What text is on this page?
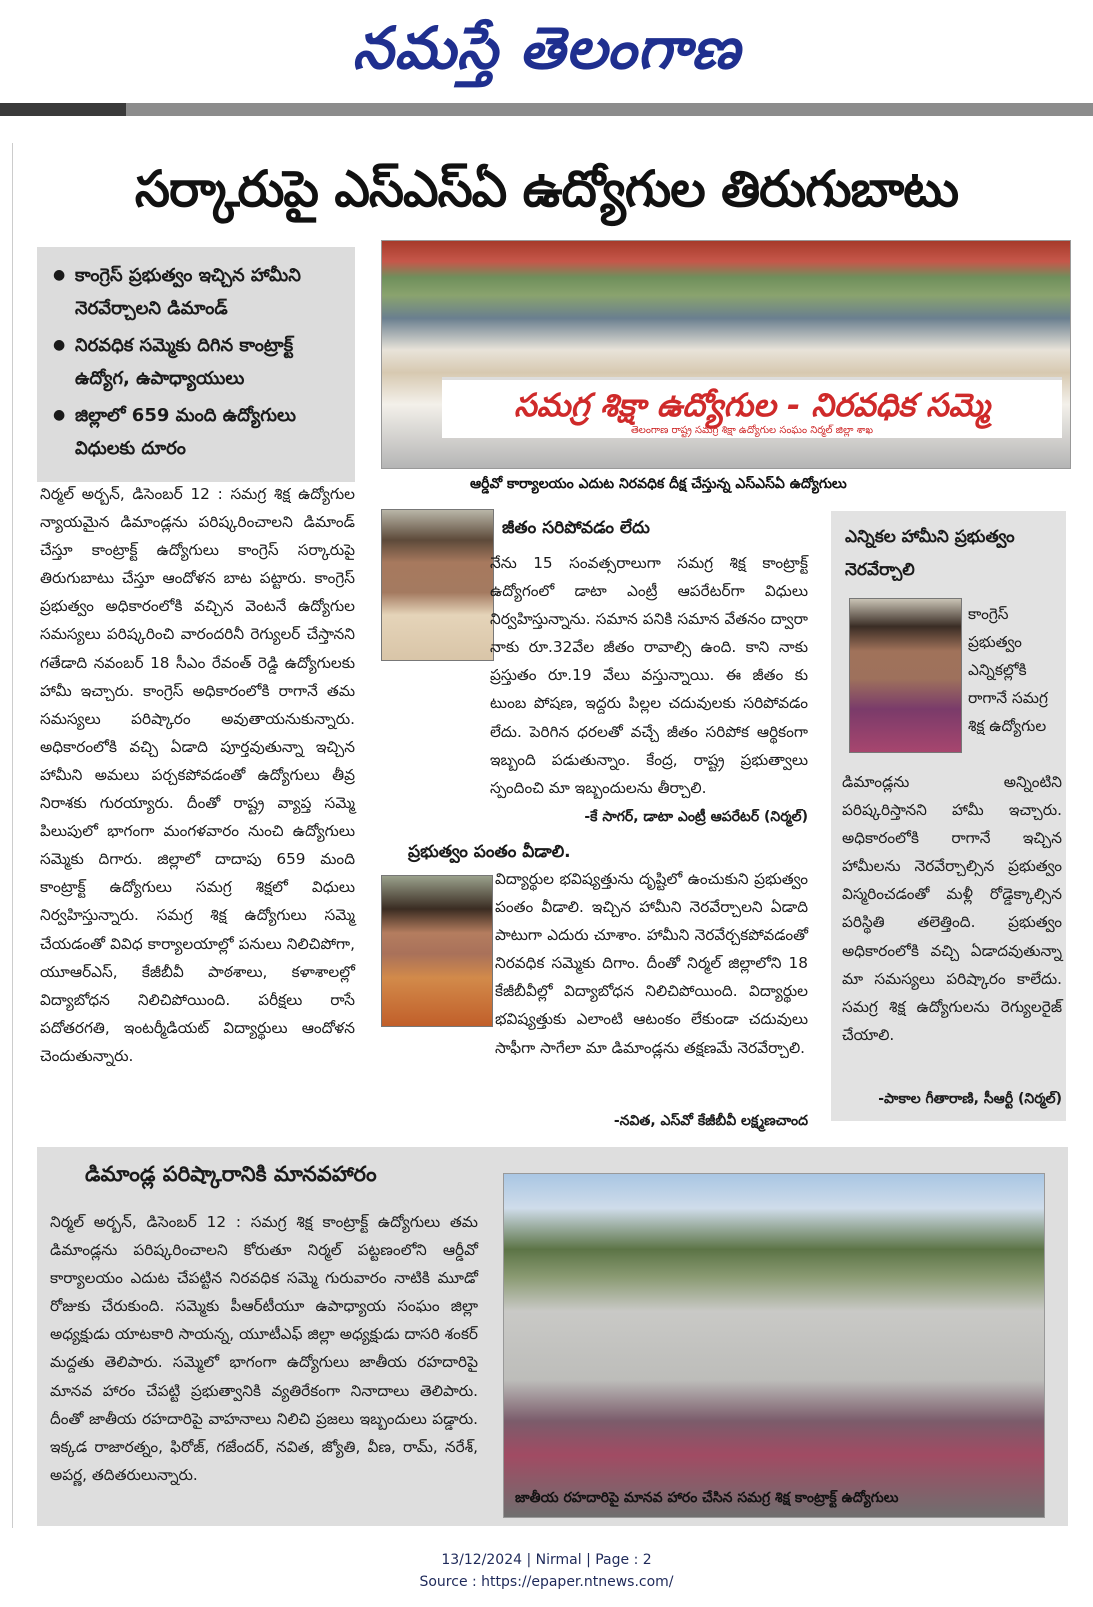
నమస్తే తెలంగాణ
సర్కారుపై ఎస్‌ఎస్‌ఏ ఉద్యోగుల తిరుగుబాటు
● కాంగ్రెస్ ప్రభుత్వం ఇచ్చిన హామీని నెరవేర్చాలని డిమాండ్
● నిరవధిక సమ్మెకు దిగిన కాంట్రాక్ట్ ఉద్యోగ, ఉపాధ్యాయులు
● జిల్లాలో 659 మంది ఉద్యోగులు విధులకు దూరం
సమగ్ర శిక్షా ఉద్యోగుల - నిరవధిక సమ్మె
తెలంగాణ రాష్ట్ర సమగ్ర శిక్షా ఉద్యోగుల సంఘం నిర్మల్ జిల్లా శాఖ
ఆర్డీవో కార్యాలయం ఎదుట నిరవధిక దీక్ష చేస్తున్న ఎస్‌ఎస్‌ఏ ఉద్యోగులు
నిర్మల్ అర్బన్, డిసెంబర్ 12 : సమగ్ర శిక్ష ఉద్యోగుల న్యాయమైన డిమాండ్లను పరిష్కరించాలని డిమాండ్ చేస్తూ కాంట్రాక్ట్ ఉద్యోగులు కాంగ్రెస్ సర్కారుపై తిరుగుబాటు చేస్తూ ఆందోళన బాట పట్టారు. కాంగ్రెస్ ప్రభుత్వం అధికారంలోకి వచ్చిన వెంటనే ఉద్యోగుల సమస్యలు పరిష్కరించి వారందరినీ రెగ్యులర్ చేస్తానని గతేడాది నవంబర్ 18 సీఎం రేవంత్ రెడ్డి ఉద్యోగులకు హామీ ఇచ్చారు. కాంగ్రెస్ అధికారంలోకి రాగానే తమ సమస్యలు పరిష్కారం అవుతాయనుకున్నారు. అధికారంలోకి వచ్చి ఏడాది పూర్తవుతున్నా ఇచ్చిన హామీని అమలు పర్చకపోవడంతో ఉద్యోగులు తీవ్ర నిరాశకు గురయ్యారు. దీంతో రాష్ట్ర వ్యాప్త సమ్మె పిలుపులో భాగంగా మంగళవారం నుంచి ఉద్యోగులు సమ్మెకు దిగారు. జిల్లాలో దాదాపు 659 మంది కాంట్రాక్ట్ ఉద్యోగులు సమగ్ర శిక్షలో విధులు నిర్వహిస్తున్నారు. సమగ్ర శిక్ష ఉద్యోగులు సమ్మె చేయడంతో వివిధ కార్యాలయాల్లో పనులు నిలిచిపోగా, యూఆర్‌ఎస్, కేజీబీవీ పాఠశాలు, కళాశాలల్లో విద్యాబోధన నిలిచిపోయింది. పరీక్షలు రాసే పదోతరగతి, ఇంటర్మీడియట్ విద్యార్థులు ఆందోళన చెందుతున్నారు.
జీతం సరిపోవడం లేదు
నేను 15 సంవత్సరాలుగా సమగ్ర శిక్ష కాంట్రాక్ట్ ఉద్యోగంలో డాటా ఎంట్రీ ఆపరేటర్‌గా విధులు నిర్వహిస్తున్నాను. సమాన పనికి సమాన వేతనం ద్వారా నాకు రూ.32వేల జీతం రావాల్సి ఉంది. కాని నాకు ప్రస్తుతం రూ.19 వేలు వస్తున్నాయి. ఈ జీతం కు టుంబ పోషణ, ఇద్దరు పిల్లల చదువులకు సరిపోవడం లేదు. పెరిగిన ధరలతో వచ్చే జీతం సరిపోక ఆర్థికంగా ఇబ్బంది పడుతున్నాం. కేంద్ర, రాష్ట్ర ప్రభుత్వాలు స్పందించి మా ఇబ్బందులను తీర్చాలి.
-కే సాగర్, డాటా ఎంట్రీ ఆపరేటర్ (నిర్మల్)
ప్రభుత్వం పంతం వీడాలి.
విద్యార్థుల భవిష్యత్తును దృష్టిలో ఉంచుకుని ప్రభుత్వం పంతం వీడాలి. ఇచ్చిన హామీని నెరవేర్చాలని ఏడాది పాటుగా ఎదురు చూశాం. హామీని నెరవేర్చకపోవడంతో నిరవధిక సమ్మెకు దిగాం. దీంతో నిర్మల్ జిల్లాలోని 18 కేజీబీవీల్లో విద్యాబోధన నిలిచిపోయింది. విద్యార్థుల భవిష్యత్తుకు ఎలాంటి ఆటంకం లేకుండా చదువులు సాఫీగా సాగేలా మా డిమాండ్లను తక్షణమే నెరవేర్చాలి.
-నవిత, ఎస్‌వో కేజీబీవీ లక్ష్మణచాంద
ఎన్నికల హామీని ప్రభుత్వం నెరవేర్చాలి
కాంగ్రెస్ ప్రభుత్వం ఎన్నికల్లోకి రాగానే సమగ్ర శిక్ష ఉద్యోగుల
డిమాండ్లను అన్నింటిని పరిష్కరిస్తానని హామీ ఇచ్చారు. అధికారంలోకి రాగానే ఇచ్చిన హామీలను నెరవేర్చాల్సిన ప్రభుత్వం విస్మరించడంతో మళ్లీ రోడ్డెక్కాల్సిన పరిస్థితి తలెత్తింది. ప్రభుత్వం అధికారంలోకి వచ్చి ఏడాదవుతున్నా మా సమస్యలు పరిష్కారం కాలేదు. సమగ్ర శిక్ష ఉద్యోగులను రెగ్యులరైజ్ చేయాలి.
-పాకాల గీతారాణి, సీఆర్టీ (నిర్మల్)
డిమాండ్ల పరిష్కారానికి మానవహారం
నిర్మల్ అర్బన్, డిసెంబర్ 12 : సమగ్ర శిక్ష కాంట్రాక్ట్ ఉద్యోగులు తమ డిమాండ్లను పరిష్కరించాలని కోరుతూ నిర్మల్ పట్టణంలోని ఆర్డీవో కార్యాలయం ఎదుట చేపట్టిన నిరవధిక సమ్మె గురువారం నాటికి మూడో రోజుకు చేరుకుంది. సమ్మెకు పీఆర్‌టీయూ ఉపాధ్యాయ సంఘం జిల్లా అధ్యక్షుడు యాటకారి సాయన్న, యూటీఎఫ్ జిల్లా అధ్యక్షుడు దాసరి శంకర్ మద్దతు తెలిపారు. సమ్మెలో భాగంగా ఉద్యోగులు జాతీయ రహదారిపై మానవ హారం చేపట్టి ప్రభుత్వానికి వ్యతిరేకంగా నినాదాలు తెలిపారు. దీంతో జాతీయ రహదారిపై వాహనాలు నిలిచి ప్రజలు ఇబ్బందులు పడ్డారు. ఇక్కడ రాజారత్నం, ఫిరోజ్, గజేందర్, నవిత, జ్యోతి, వీణ, రామ్, నరేశ్, అపర్ణ, తదితరులున్నారు.
జాతీయ రహదారిపై మానవ హారం చేసిన సమగ్ర శిక్ష కాంట్రాక్ట్ ఉద్యోగులు
13/12/2024 | Nirmal | Page : 2
Source : https://epaper.ntnews.com/
